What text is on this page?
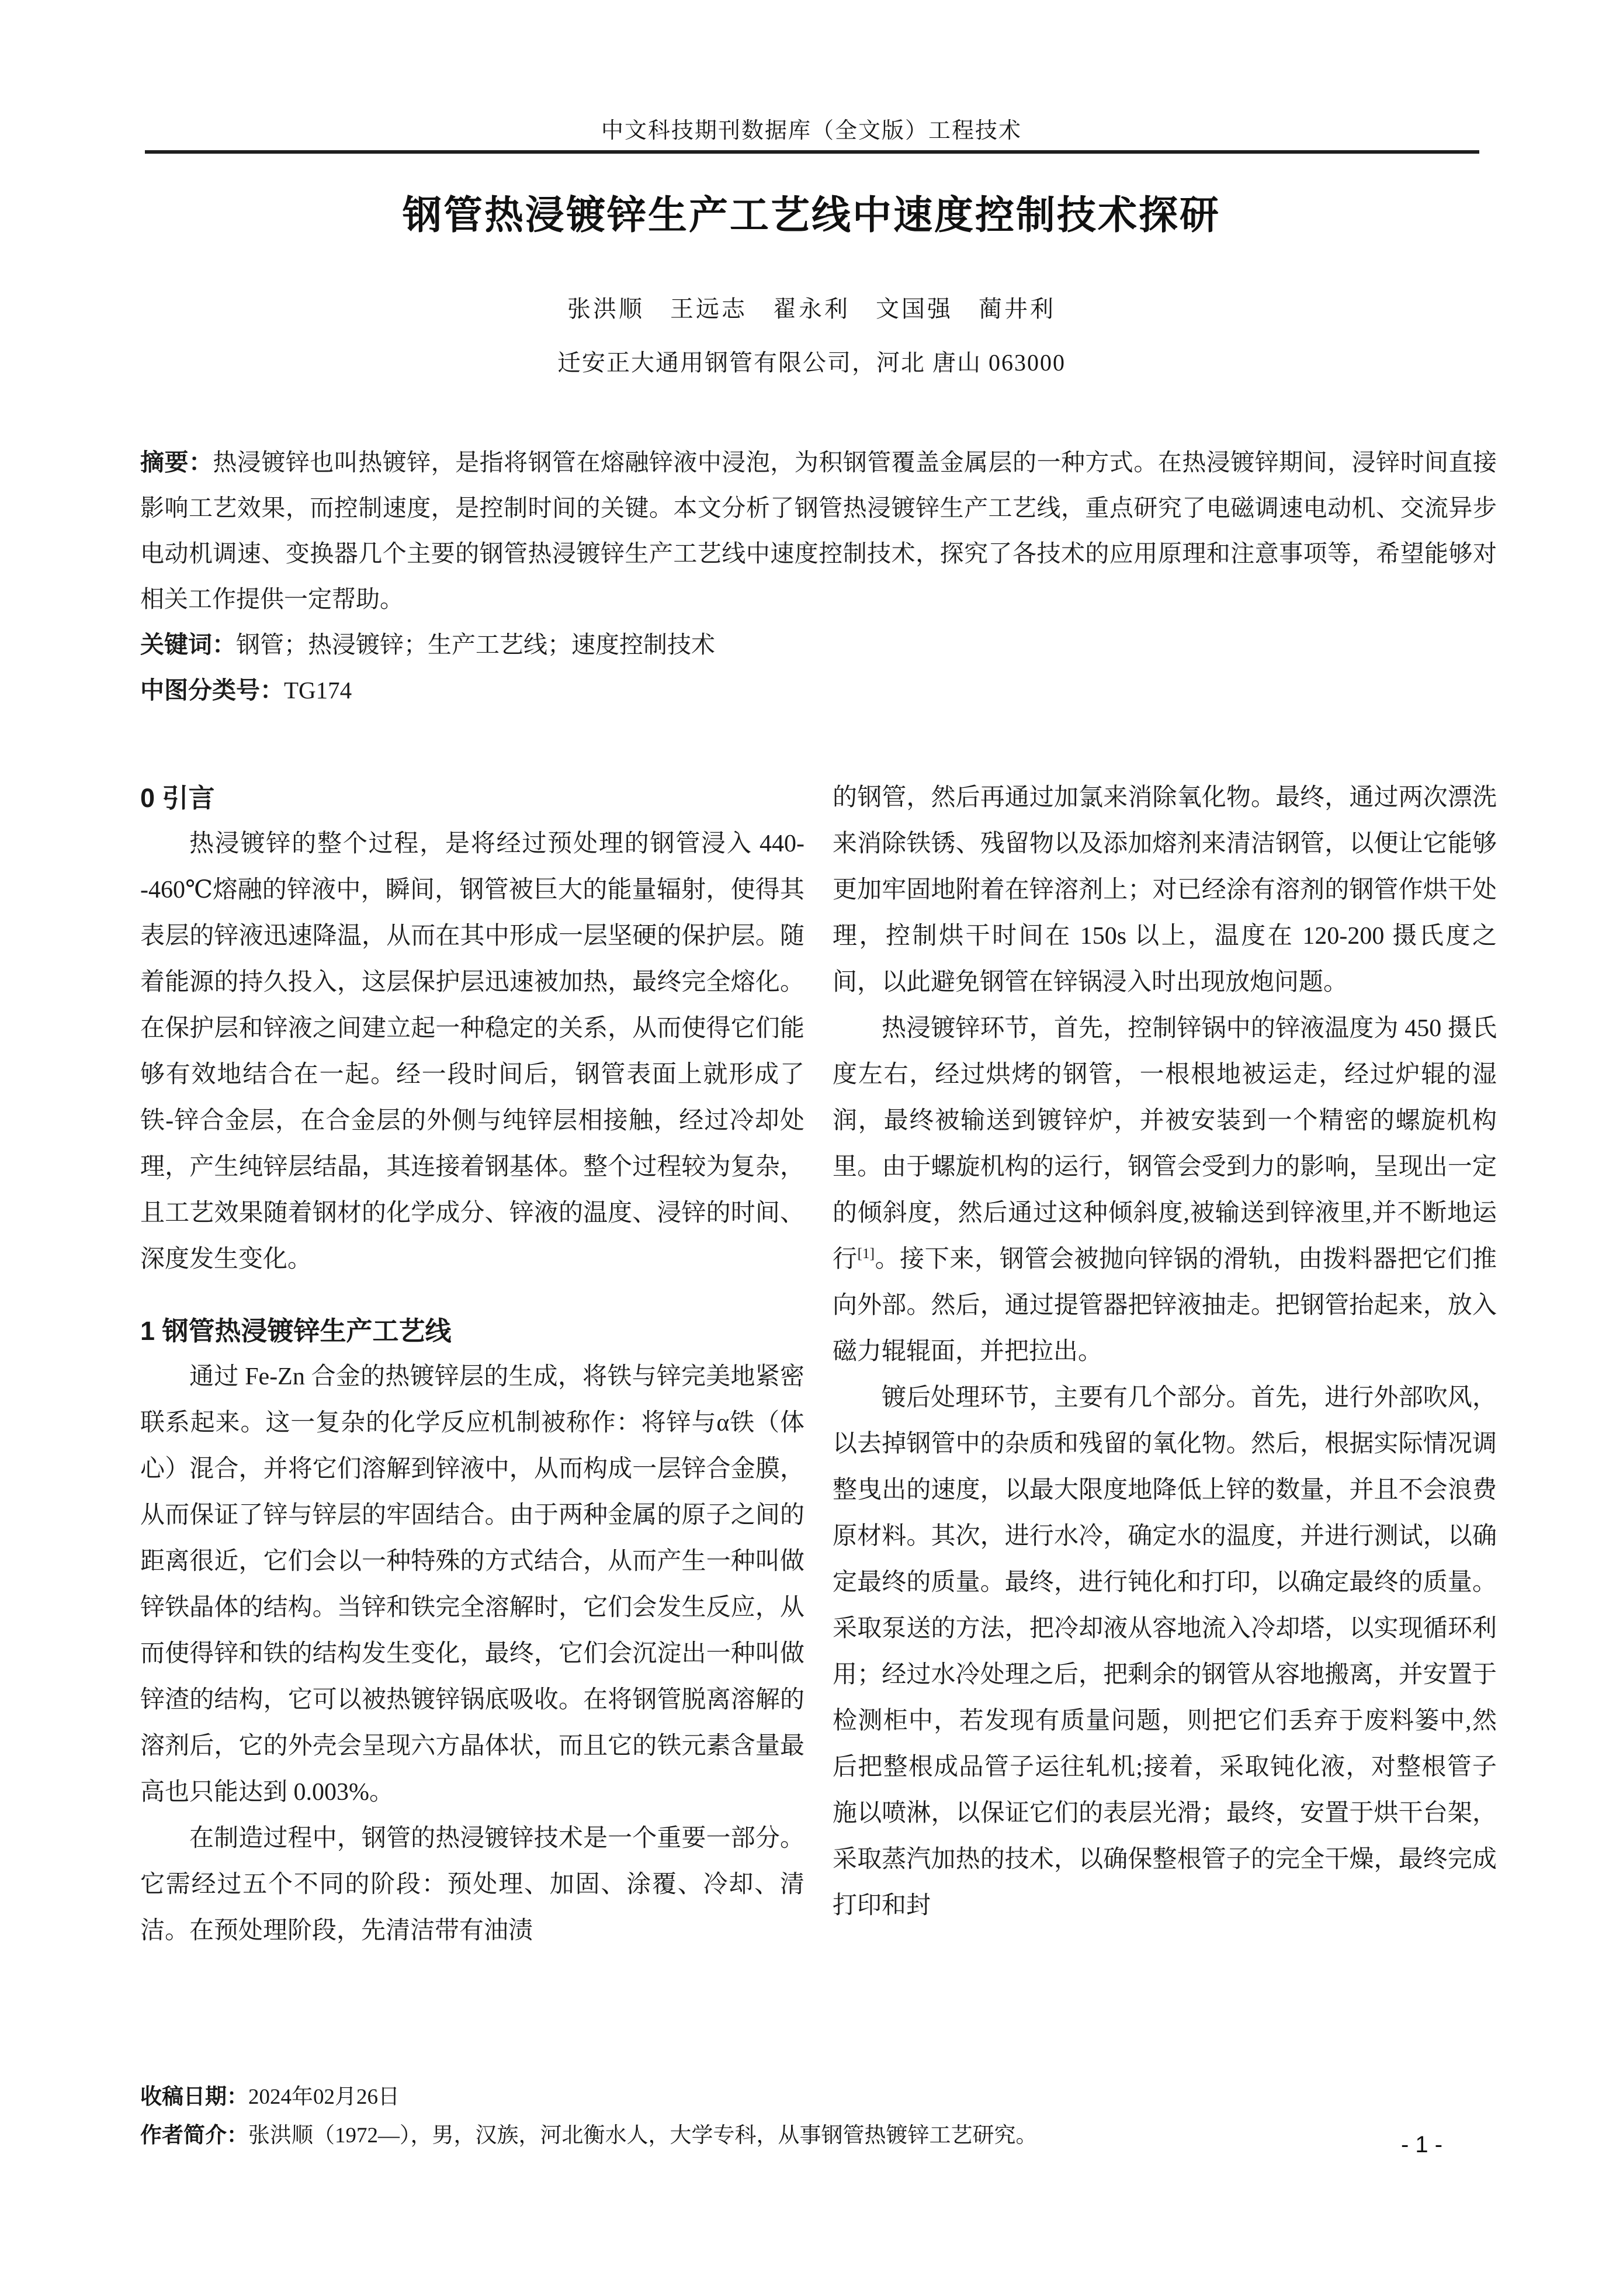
中文科技期刊数据库（全文版）工程技术
钢管热浸镀锌生产工艺线中速度控制技术探研
张洪顺　王远志　翟永利　文国强　蔺井利
迁安正大通用钢管有限公司，河北 唐山 063000

摘要：热浸镀锌也叫热镀锌，是指将钢管在熔融锌液中浸泡，为积钢管覆盖金属层的一种方式。在热浸镀锌期间，浸锌时间直接影响工艺效果，而控制速度，是控制时间的关键。本文分析了钢管热浸镀锌生产工艺线，重点研究了电磁调速电动机、交流异步电动机调速、变换器几个主要的钢管热浸镀锌生产工艺线中速度控制技术，探究了各技术的应用原理和注意事项等，希望能够对相关工作提供一定帮助。

关键词：钢管；热浸镀锌；生产工艺线；速度控制技术

中图分类号：TG174

0 引言

热浸镀锌的整个过程，是将经过预处理的钢管浸入 440--460℃熔融的锌液中，瞬间，钢管被巨大的能量辐射，使得其表层的锌液迅速降温，从而在其中形成一层坚硬的保护层。随着能源的持久投入，这层保护层迅速被加热，最终完全熔化。在保护层和锌液之间建立起一种稳定的关系，从而使得它们能够有效地结合在一起。经一段时间后，钢管表面上就形成了铁-锌合金层，在合金层的外侧与纯锌层相接触，经过冷却处理，产生纯锌层结晶，其连接着钢基体。整个过程较为复杂，且工艺效果随着钢材的化学成分、锌液的温度、浸锌的时间、深度发生变化。

1 钢管热浸镀锌生产工艺线

通过 Fe-Zn 合金的热镀锌层的生成，将铁与锌完美地紧密联系起来。这一复杂的化学反应机制被称作：将锌与α铁（体心）混合，并将它们溶解到锌液中，从而构成一层锌合金膜，从而保证了锌与锌层的牢固结合。由于两种金属的原子之间的距离很近，它们会以一种特殊的方式结合，从而产生一种叫做锌铁晶体的结构。当锌和铁完全溶解时，它们会发生反应，从而使得锌和铁的结构发生变化，最终，它们会沉淀出一种叫做锌渣的结构，它可以被热镀锌锅底吸收。在将钢管脱离溶解的溶剂后，它的外壳会呈现六方晶体状，而且它的铁元素含量最高也只能达到 0.003%。

在制造过程中，钢管的热浸镀锌技术是一个重要一部分。它需经过五个不同的阶段：预处理、加固、涂覆、冷却、清洁。在预处理阶段，先清洁带有油渍

的钢管，然后再通过加氯来消除氧化物。最终，通过两次漂洗来消除铁锈、残留物以及添加熔剂来清洁钢管，以便让它能够更加牢固地附着在锌溶剂上；对已经涂有溶剂的钢管作烘干处理，控制烘干时间在 150s 以上，温度在 120-200 摄氏度之间，以此避免钢管在锌锅浸入时出现放炮问题。

热浸镀锌环节，首先，控制锌锅中的锌液温度为 450 摄氏度左右，经过烘烤的钢管，一根根地被运走，经过炉辊的湿润，最终被输送到镀锌炉，并被安装到一个精密的螺旋机构里。由于螺旋机构的运行，钢管会受到力的影响，呈现出一定的倾斜度，然后通过这种倾斜度,被输送到锌液里,并不断地运行[1]。接下来，钢管会被抛向锌锅的滑轨，由拨料器把它们推向外部。然后，通过提管器把锌液抽走。把钢管抬起来，放入磁力辊辊面，并把拉出。

镀后处理环节，主要有几个部分。首先，进行外部吹风，以去掉钢管中的杂质和残留的氧化物。然后，根据实际情况调整曳出的速度，以最大限度地降低上锌的数量，并且不会浪费原材料。其次，进行水冷，确定水的温度，并进行测试，以确定最终的质量。最终，进行钝化和打印，以确定最终的质量。采取泵送的方法，把冷却液从容地流入冷却塔，以实现循环利用；经过水冷处理之后，把剩余的钢管从容地搬离，并安置于检测柜中，若发现有质量问题，则把它们丢弃于废料篓中,然后把整根成品管子运往轧机;接着，采取钝化液，对整根管子施以喷淋，以保证它们的表层光滑；最终，安置于烘干台架，采取蒸汽加热的技术，以确保整根管子的完全干燥，最终完成打印和封

收稿日期：2024年02月26日

作者简介：张洪顺（1972—），男，汉族，河北衡水人，大学专科，从事钢管热镀锌工艺研究。	- 1 -
